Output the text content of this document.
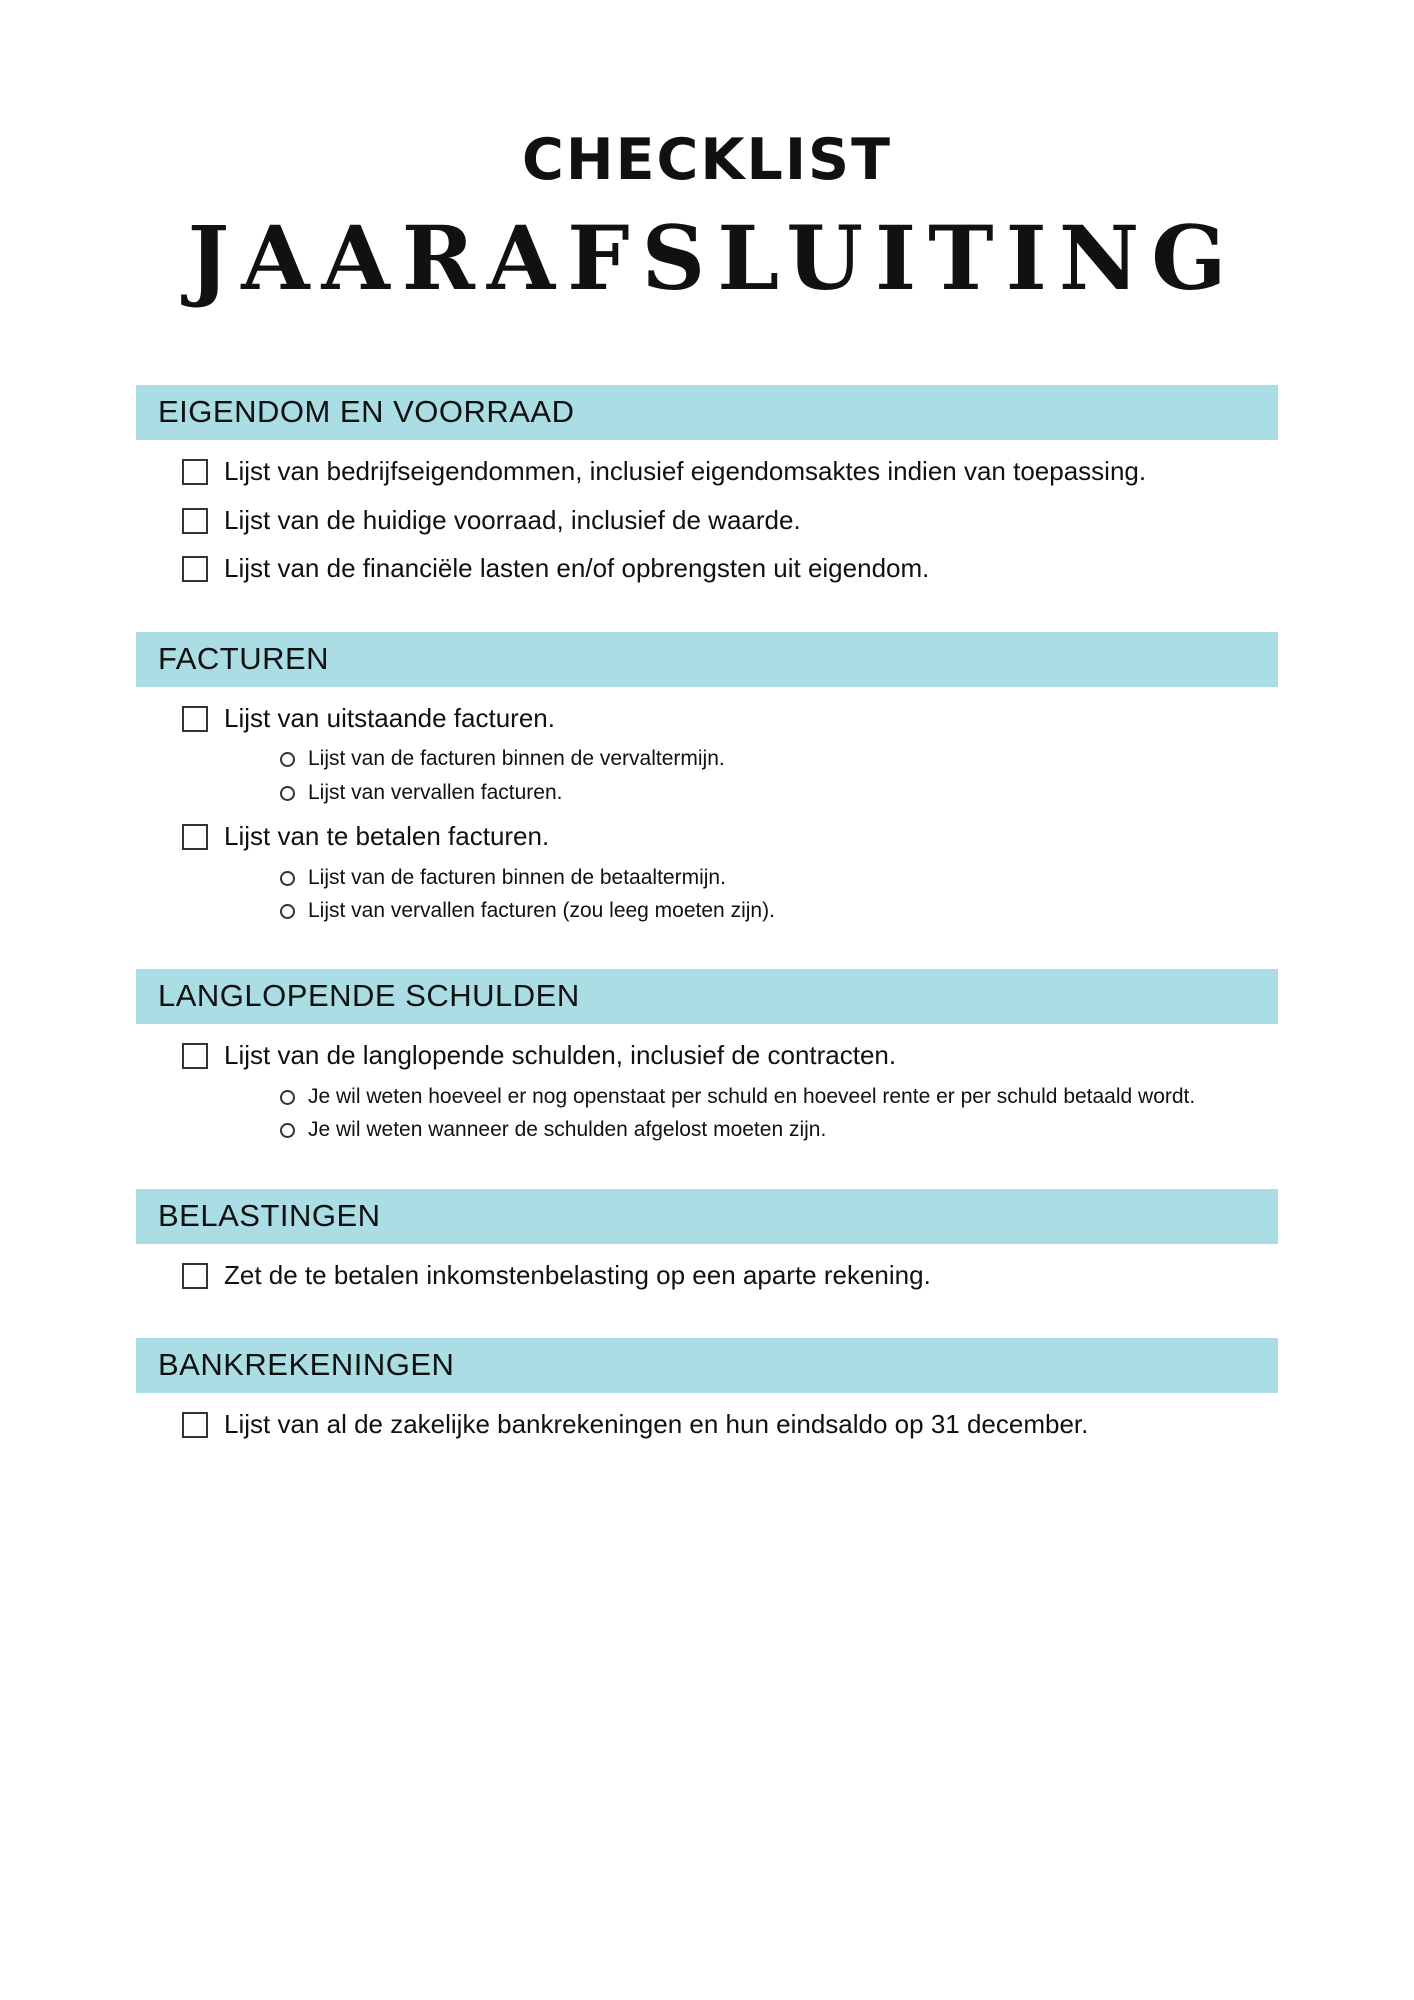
CHECKLIST
JAARAFSLUITING
EIGENDOM EN VOORRAAD
Lijst van bedrijfseigendommen, inclusief eigendomsaktes indien van toepassing.
Lijst van de huidige voorraad, inclusief de waarde.
Lijst van de financiële lasten en/of opbrengsten uit eigendom.
FACTUREN
Lijst van uitstaande facturen.
Lijst van de facturen binnen de vervaltermijn.
Lijst van vervallen facturen.
Lijst van te betalen facturen.
Lijst van de facturen binnen de betaaltermijn.
Lijst van vervallen facturen (zou leeg moeten zijn).
LANGLOPENDE SCHULDEN
Lijst van de langlopende schulden, inclusief de contracten.
Je wil weten hoeveel er nog openstaat per schuld en hoeveel rente er per schuld betaald wordt.
Je wil weten wanneer de schulden afgelost moeten zijn.
BELASTINGEN
Zet de te betalen inkomstenbelasting op een aparte rekening.
BANKREKENINGEN
Lijst van al de zakelijke bankrekeningen en hun eindsaldo op 31 december.
